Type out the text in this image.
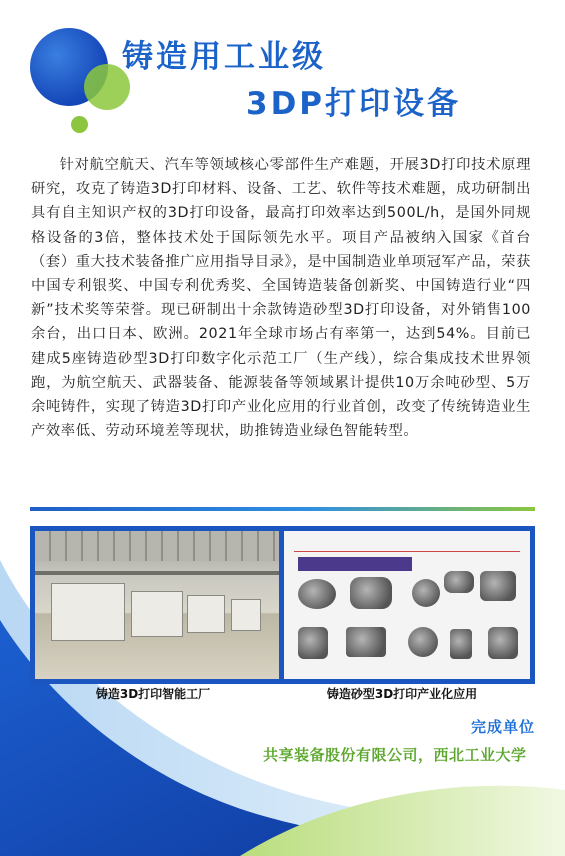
铸造用工业级
3DP打印设备

针对航空航天、汽车等领域核心零部件生产难题，开展3D打印技术原理研究，攻克了铸造3D打印材料、设备、工艺、软件等技术难题，成功研制出具有自主知识产权的3D打印设备，最高打印效率达到500L/h，是国外同规格设备的3倍，整体技术处于国际领先水平。项目产品被纳入国家《首台（套）重大技术装备推广应用指导目录》，是中国制造业单项冠军产品，荣获中国专利银奖、中国专利优秀奖、全国铸造装备创新奖、中国铸造行业“四新”技术奖等荣誉。现已研制出十余款铸造砂型3D打印设备，对外销售100余台，出口日本、欧洲。2021年全球市场占有率第一，达到54%。目前已建成5座铸造砂型3D打印数字化示范工厂（生产线），综合集成技术世界领跑，为航空航天、武器装备、能源装备等领域累计提供10万余吨砂型、5万余吨铸件，实现了铸造3D打印产业化应用的行业首创，改变了传统铸造业生产效率低、劳动环境差等现状，助推铸造业绿色智能转型。

铸造3D打印智能工厂	铸造砂型3D打印产业化应用
完成单位
共享装备股份有限公司，西北工业大学
